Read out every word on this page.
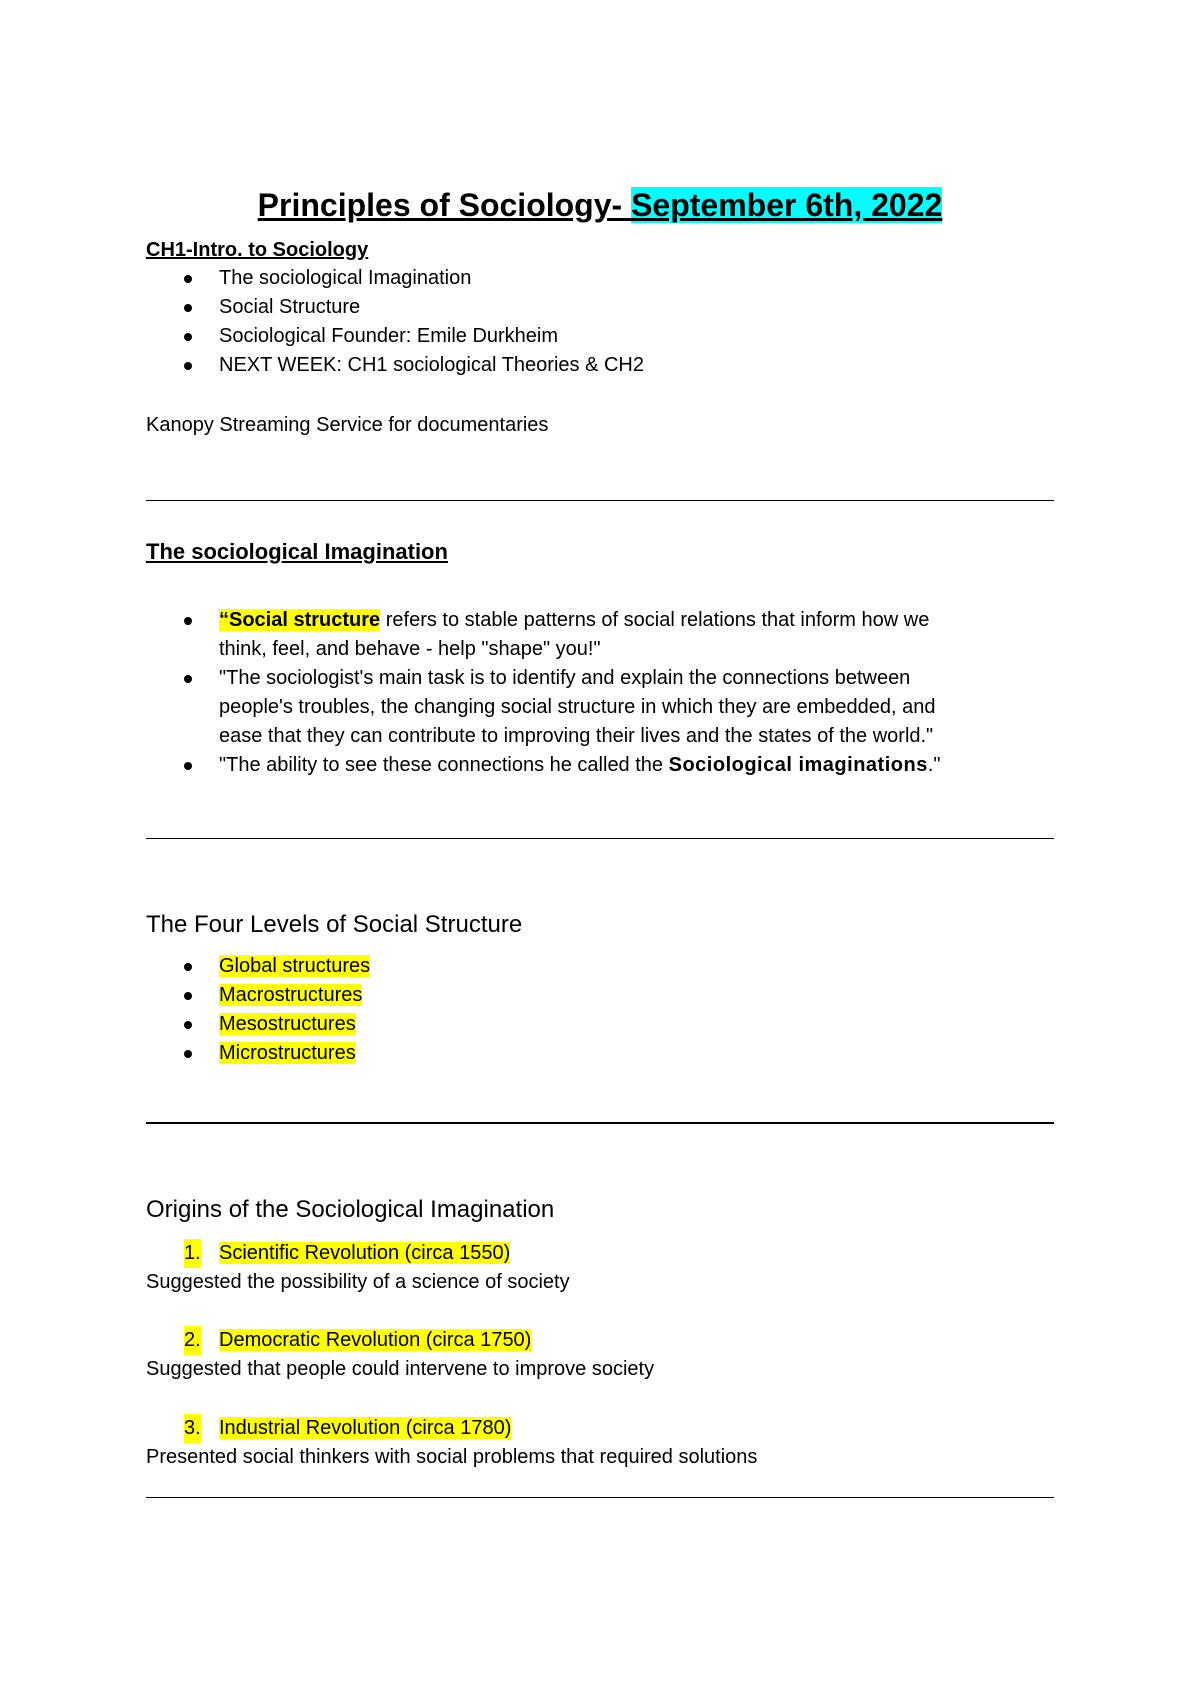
Principles of Sociology- September 6th, 2022
CH1-Intro. to Sociology
The sociological Imagination
Social Structure
Sociological Founder: Emile Durkheim
NEXT WEEK: CH1 sociological Theories & CH2
Kanopy Streaming Service for documentaries
The sociological Imagination
“Social structure refers to stable patterns of social relations that inform how we
think, feel, and behave - help "shape" you!"
"The sociologist's main task is to identify and explain the connections between
people's troubles, the changing social structure in which they are embedded, and
ease that they can contribute to improving their lives and the states of the world."
"The ability to see these connections he called the Sociological imaginations."
The Four Levels of Social Structure
Global structures
Macrostructures
Mesostructures
Microstructures
Origins of the Sociological Imagination
1. Scientific Revolution (circa 1550)
Suggested the possibility of a science of society
2. Democratic Revolution (circa 1750)
Suggested that people could intervene to improve society
3. Industrial Revolution (circa 1780)
Presented social thinkers with social problems that required solutions
